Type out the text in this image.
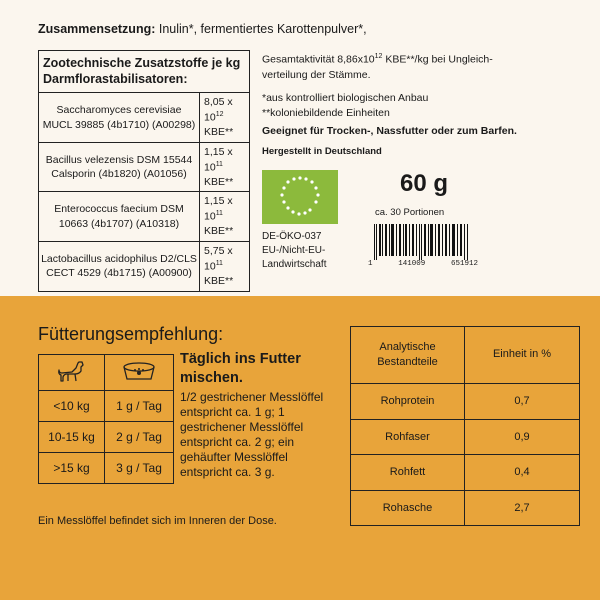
Zusammensetzung: Inulin*, fermentiertes Karottenpulver*,
Zootechnische Zusatzstoffe je kg Darmflorastabilisatoren:	
Saccharomyces cerevisiae MUCL 39885 (4b1710) (A00298)	8,05 x $10^{12}$
KBE**
Bacillus velezensis DSM 15544 Calsporin (4b1820) (A01056)	1,15 x $10^{11}$
KBE**
Enterococcus faecium DSM 10663 (4b1707) (A10318)	1,15 x $10^{11}$
KBE**
Lactobacillus acidophilus D2/CLS CECT 4529 (4b1715) (A00900)	5,75 x $10^{11}$
KBE**
Gesamtaktivität $8,86x10^{12}$ KBE**/kg bei Ungleich-verteilung der Stämme.
*aus kontrolliert biologischen Anbau
**koloniebildende Einheiten
Geeignet für Trocken-, Nassfutter oder zum Barfen.
Hergestellt in Deutschland
DE-ÖKO-037
EU-/Nicht-EU-
Landwirtschaft
60 g
ca. 30 Portionen
1	141009	651912
Fütterungsempfehlung:

<10 kg	1 g / Tag
10-15 kg	2 g / Tag
>15 kg	3 g / Tag
Täglich ins Futter mischen.
1/2 gestrichener Messlöffel entspricht ca. 1 g; 1 gestrichener Messlöffel entspricht ca. 2 g; ein gehäufter Messlöffel entspricht ca. 3 g.
Ein Messlöffel befindet sich im Inneren der Dose.
Analytische Bestandteile	Einheit in %
Rohprotein	0,7
Rohfaser	0,9
Rohfett	0,4
Rohasche	2,7
